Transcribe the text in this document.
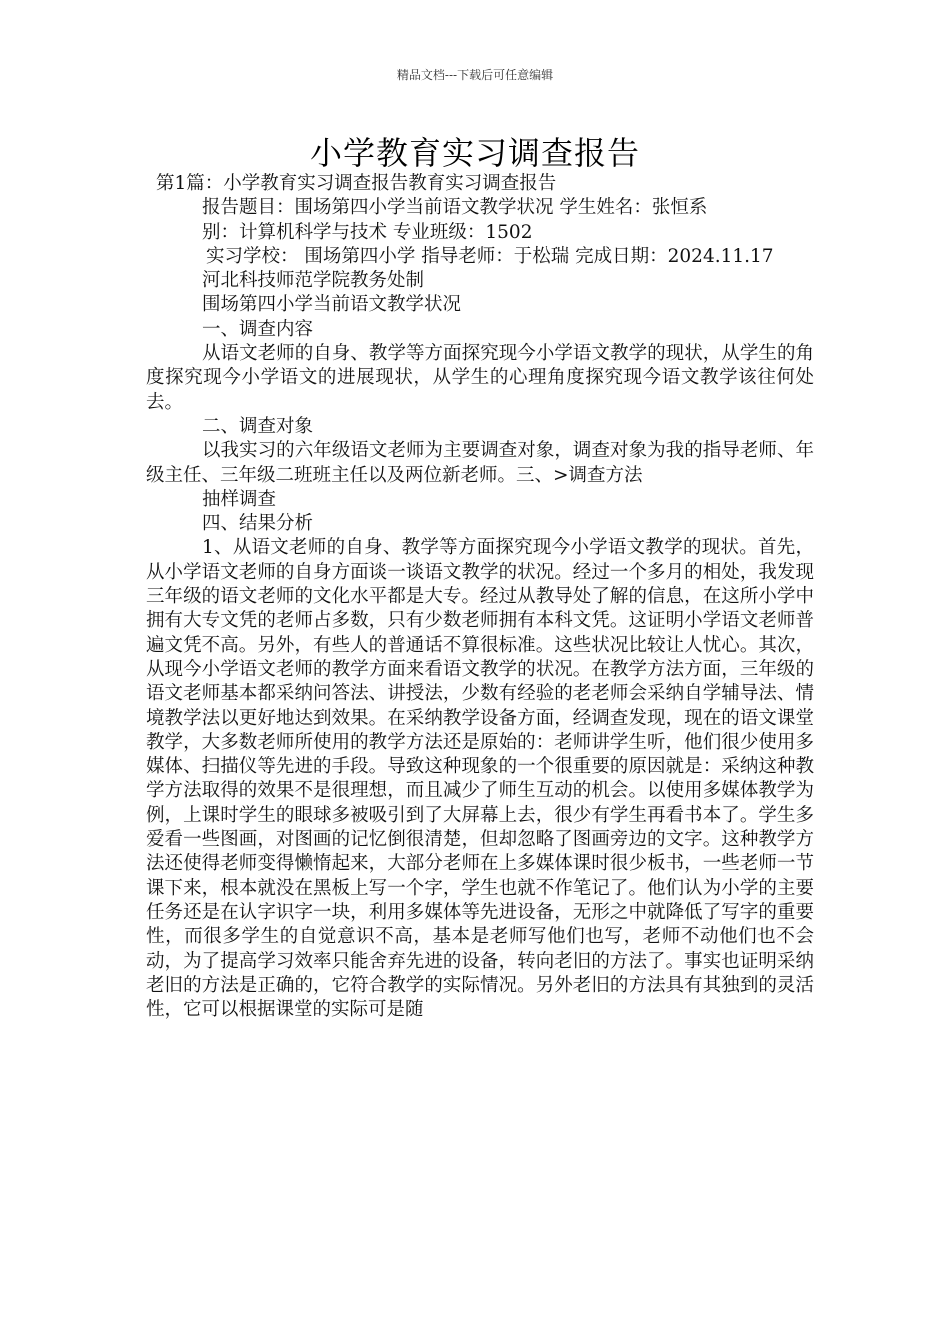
精品文档---下载后可任意编辑
小学教育实习调查报告

第1篇：小学教育实习调查报告教育实习调查报告

报告题目：围场第四小学当前语文教学状况 学生姓名：张恒系

别：计算机科学与技术 专业班级：1502

实习学校： 围场第四小学 指导老师：于松瑞 完成日期：2024.11.17

河北科技师范学院教务处制

围场第四小学当前语文教学状况

一、调查内容

从语文老师的自身、教学等方面探究现今小学语文教学的现状，从学生的角度探究现今小学语文的进展现状，从学生的心理角度探究现今语文教学该往何处去。

二、调查对象

以我实习的六年级语文老师为主要调查对象，调查对象为我的指导老师、年级主任、三年级二班班主任以及两位新老师。三、>调查方法

抽样调查

四、结果分析

1、从语文老师的自身、教学等方面探究现今小学语文教学的现状。首先，从小学语文老师的自身方面谈一谈语文教学的状况。经过一个多月的相处，我发现三年级的语文老师的文化水平都是大专。经过从教导处了解的信息，在这所小学中拥有大专文凭的老师占多数，只有少数老师拥有本科文凭。这证明小学语文老师普遍文凭不高。另外，有些人的普通话不算很标准。这些状况比较让人忧心。其次，从现今小学语文老师的教学方面来看语文教学的状况。在教学方法方面，三年级的语文老师基本都采纳问答法、讲授法，少数有经验的老老师会采纳自学辅导法、情境教学法以更好地达到效果。在采纳教学设备方面，经调查发现，现在的语文课堂教学，大多数老师所使用的教学方法还是原始的：老师讲学生听，他们很少使用多媒体、扫描仪等先进的手段。导致这种现象的一个很重要的原因就是：采纳这种教学方法取得的效果不是很理想，而且减少了师生互动的机会。以使用多媒体教学为例，上课时学生的眼球多被吸引到了大屏幕上去，很少有学生再看书本了。学生多爱看一些图画，对图画的记忆倒很清楚，但却忽略了图画旁边的文字。这种教学方法还使得老师变得懒惰起来，大部分老师在上多媒体课时很少板书，一些老师一节课下来，根本就没在黑板上写一个字，学生也就不作笔记了。他们认为小学的主要任务还是在认字识字一块，利用多媒体等先进设备，无形之中就降低了写字的重要性，而很多学生的自觉意识不高，基本是老师写他们也写，老师不动他们也不会动，为了提高学习效率只能舍弃先进的设备，转向老旧的方法了。事实也证明采纳老旧的方法是正确的，它符合教学的实际情况。另外老旧的方法具有其独到的灵活性，它可以根据课堂的实际可是随
